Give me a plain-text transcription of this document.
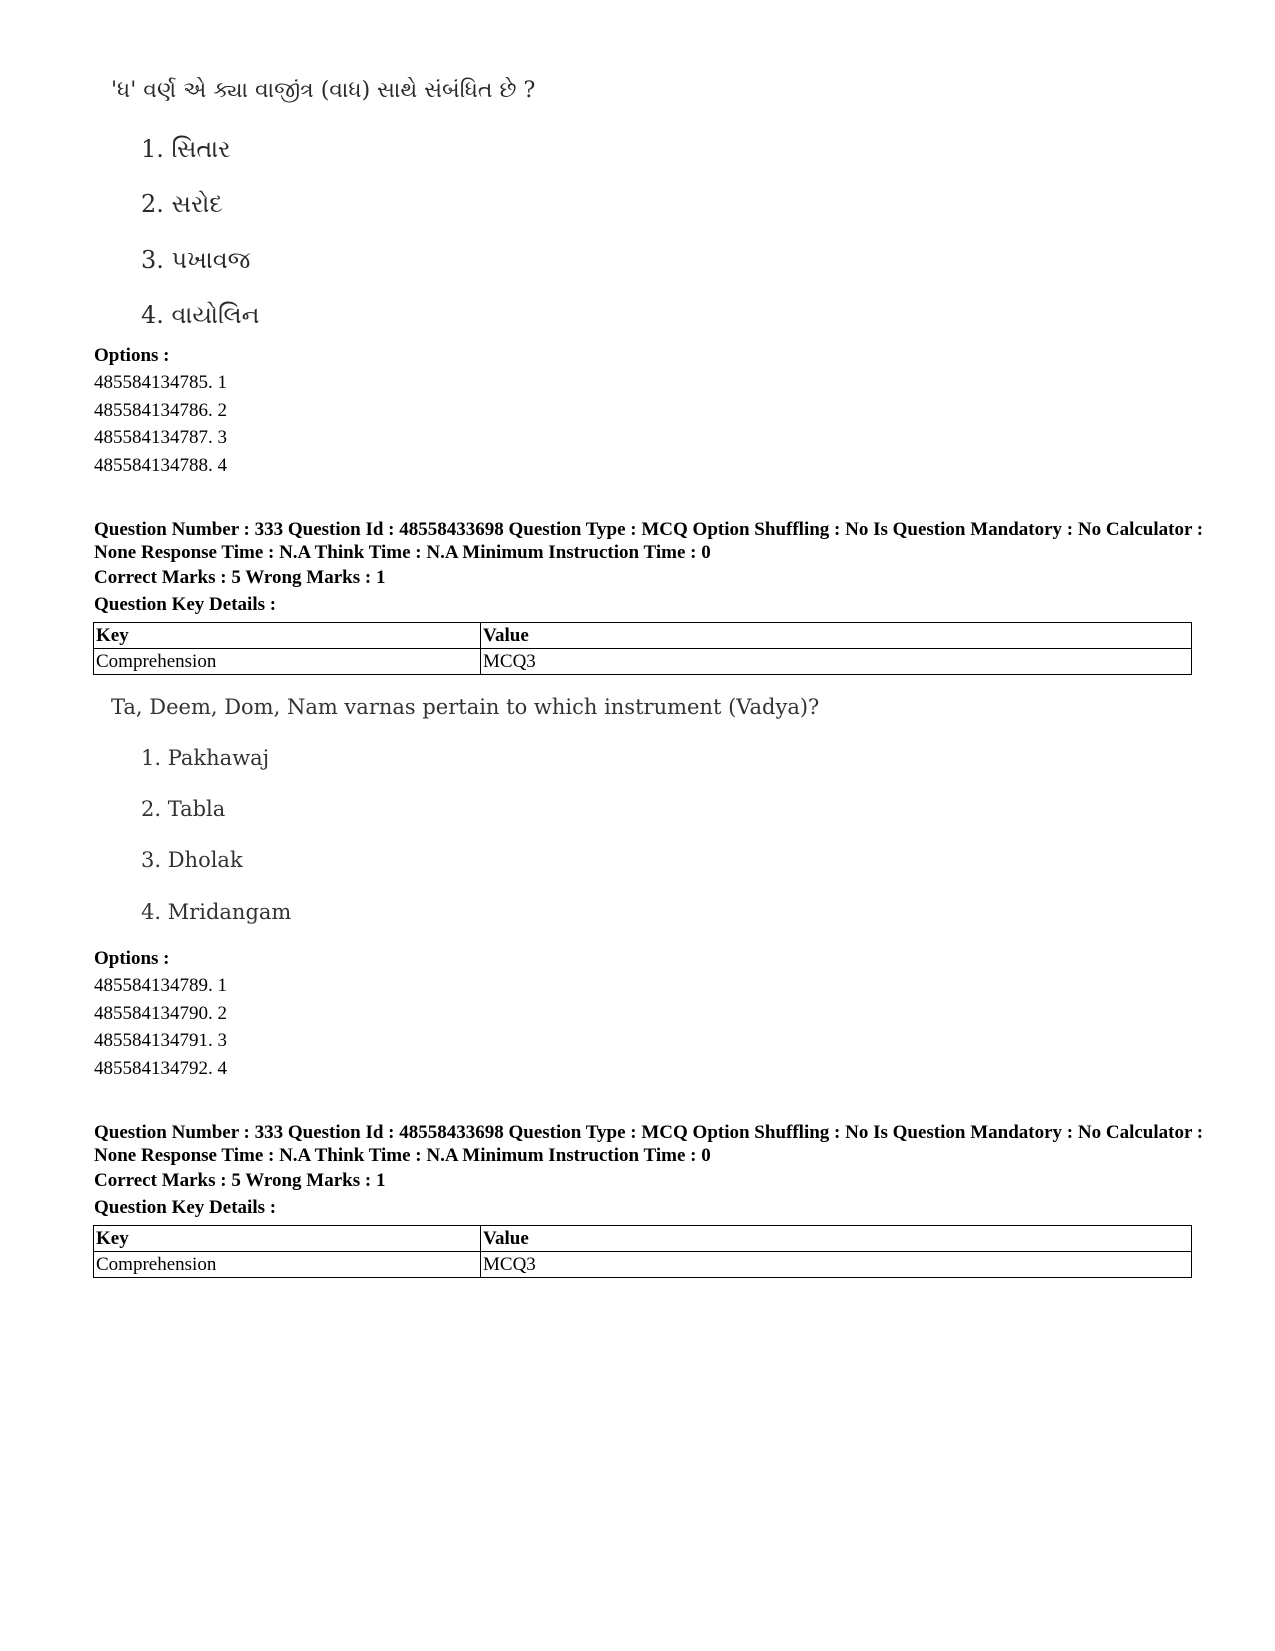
'ધ' વર્ણ એ ક્યા વાજીંત્ર (વાધ) સાથે સંબંધિત છે ?
1. સિતાર
2. સરોદ
3. પખાવજ
4. વાયોલિન
Options :
485584134785. 1
485584134786. 2
485584134787. 3
485584134788. 4
Question Number : 333 Question Id : 48558433698 Question Type : MCQ Option Shuffling : No Is Question Mandatory : No Calculator : None Response Time : N.A Think Time : N.A Minimum Instruction Time : 0
Correct Marks : 5 Wrong Marks : 1
Question Key Details :
Key	Value
Comprehension	MCQ3
Ta, Deem, Dom, Nam varnas pertain to which instrument (Vadya)?
1. Pakhawaj
2. Tabla
3. Dholak
4. Mridangam
Options :
485584134789. 1
485584134790. 2
485584134791. 3
485584134792. 4
Question Number : 333 Question Id : 48558433698 Question Type : MCQ Option Shuffling : No Is Question Mandatory : No Calculator : None Response Time : N.A Think Time : N.A Minimum Instruction Time : 0
Correct Marks : 5 Wrong Marks : 1
Question Key Details :
Key	Value
Comprehension	MCQ3
